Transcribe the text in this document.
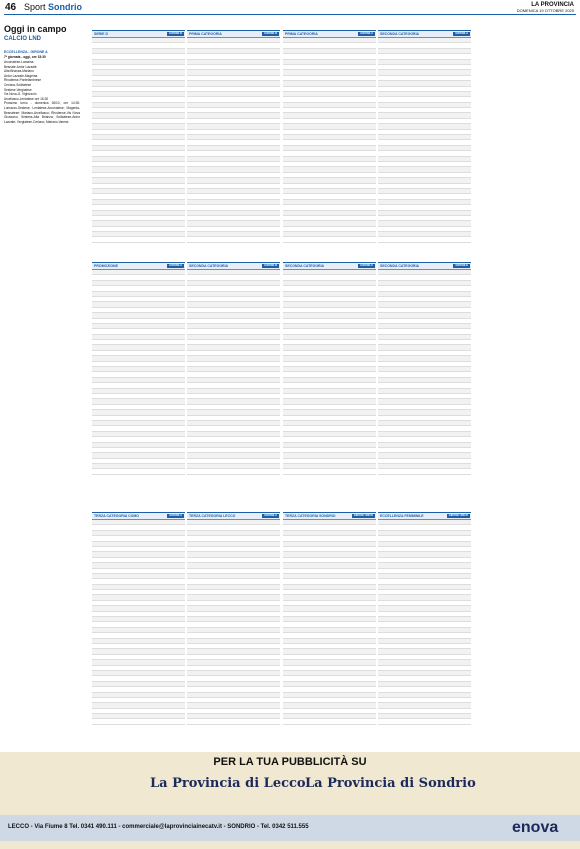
46 Sport Sondrio	LA PROVINCIA
DOMENICA 19 OTTOBRE 2025
Oggi in campo
CALCIO LND
ECCELLENZA - GIRONE A
7ª giornata - oggi, ore 15:30
Arconatese-Lamaina
Besnate-Ardor Lazzate
Alta Brianza-Mariano
Ardor Lazzate-Magenta
Rhodense-Pontelambrese
Ceriano-Solbiatese
Sestese-Vergiatese
Vis Nova-G. Vighizzolo
Arcellasco-Lentatese ore 16:30
Prossimo turno - domenica 26/10, ore 14:30: Lomazzo-Sestese; Lentatese-Arconatese; Magenta-Besnatese; Mariano-Arcellasco; Rhodense-Vis Nova Giussano; Sestese-Alta Brianza; Solbiatese-Ardor Lazzate; Vergiatese-Ceriano; Mariano-Varese.
SERIE D	GIRONE B	PRIMA CATEGORIA	GIRONE B	PRIMA CATEGORIA	GIRONE A	SECONDA CATEGORIA	GIRONE A
PROMOZIONE	GIRONE A	SECONDA CATEGORIA	GIRONE B	SECONDA CATEGORIA	GIRONE C	SECONDA CATEGORIA	GIRONE E
TERZA CATEGORIA COMO	GIRONE A	TERZA CATEGORIA LECCO	GIRONE A	TERZA CATEGORIA SONDRIO	GIRONE UNICO	ECCELLENZA FEMMINILE	GIRONE UNICO
PER LA TUA PUBBLICITÀ SU
La Provincia di Lecco La Provincia di Sondrio
LECCO - Via Fiume 8 Tel. 0341 490.111 - commerciale@laprovinciainecatv.it - SONDRIO - Tel. 0342 511.555	enova
